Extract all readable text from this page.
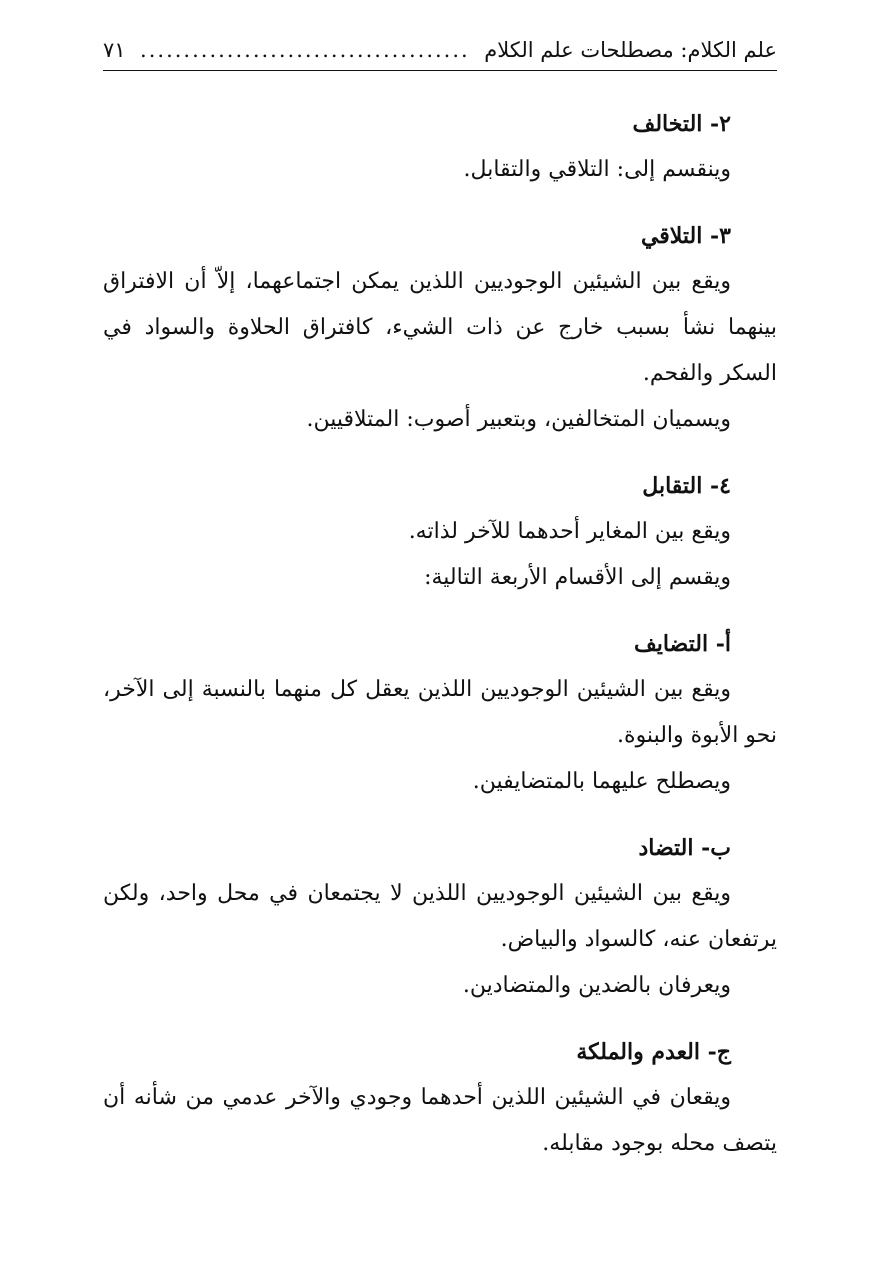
علم الكلام: مصطلحات علم الكلام
......................................
٧١
٢- التخالف

وينقسم إلى: التلاقي والتقابل.

٣- التلاقي

ويقع بين الشيئين الوجوديين اللذين يمكن اجتماعهما، إلاّ أن الافتراق بينهما نشأ بسبب خارج عن ذات الشيء، كافتراق الحلاوة والسواد في السكر والفحم.

ويسميان المتخالفين، وبتعبير أصوب: المتلاقيين.

٤- التقابل

ويقع بين المغاير أحدهما للآخر لذاته.

ويقسم إلى الأقسام الأربعة التالية:

أ- التضايف

ويقع بين الشيئين الوجوديين اللذين يعقل كل منهما بالنسبة إلى الآخر، نحو الأبوة والبنوة.

ويصطلح عليهما بالمتضايفين.

ب- التضاد

ويقع بين الشيئين الوجوديين اللذين لا يجتمعان في محل واحد، ولكن يرتفعان عنه، كالسواد والبياض.

ويعرفان بالضدين والمتضادين.

ج- العدم والملكة

ويقعان في الشيئين اللذين أحدهما وجودي والآخر عدمي من شأنه أن يتصف محله بوجود مقابله.
